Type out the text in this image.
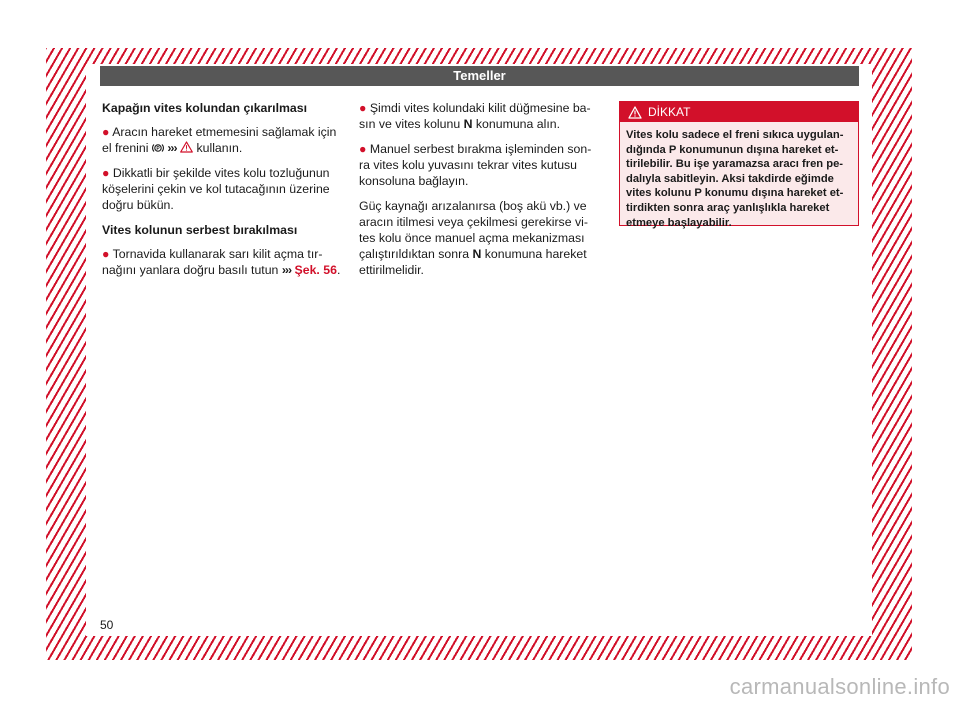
Temeller
Kapağın vites kolundan çıkarılması

● Aracın hareket etmemesini sağlamak için el frenini P ››› kullanın.

● Dikkatli bir şekilde vites kolu tozluğunun köşelerini çekin ve kol tutacağının üzerine doğru bükün.

Vites kolunun serbest bırakılması

● Tornavida kullanarak sarı kilit açma tır-nağını yanlara doğru basılı tutun ››› Şek. 56.

● Şimdi vites kolundaki kilit düğmesine ba-sın ve vites kolunu N konumuna alın.

● Manuel serbest bırakma işleminden son-ra vites kolu yuvasını tekrar vites kutusu konsoluna bağlayın.

Güç kaynağı arızalanırsa (boş akü vb.) ve aracın itilmesi veya çekilmesi gerekirse vi-tes kolu önce manuel açma mekanizması çalıştırıldıktan sonra N konumuna hareket ettirilmelidir.

DİKKAT
Vites kolu sadece el freni sıkıca uygulan-dığında P konumunun dışına hareket et-tirilebilir. Bu işe yaramazsa aracı fren pe-dalıyla sabitleyin. Aksi takdirde eğimde vites kolunu P konumu dışına hareket et-tirdikten sonra araç yanlışlıkla hareket etmeye başlayabilir.
50
carmanualsonline.info
